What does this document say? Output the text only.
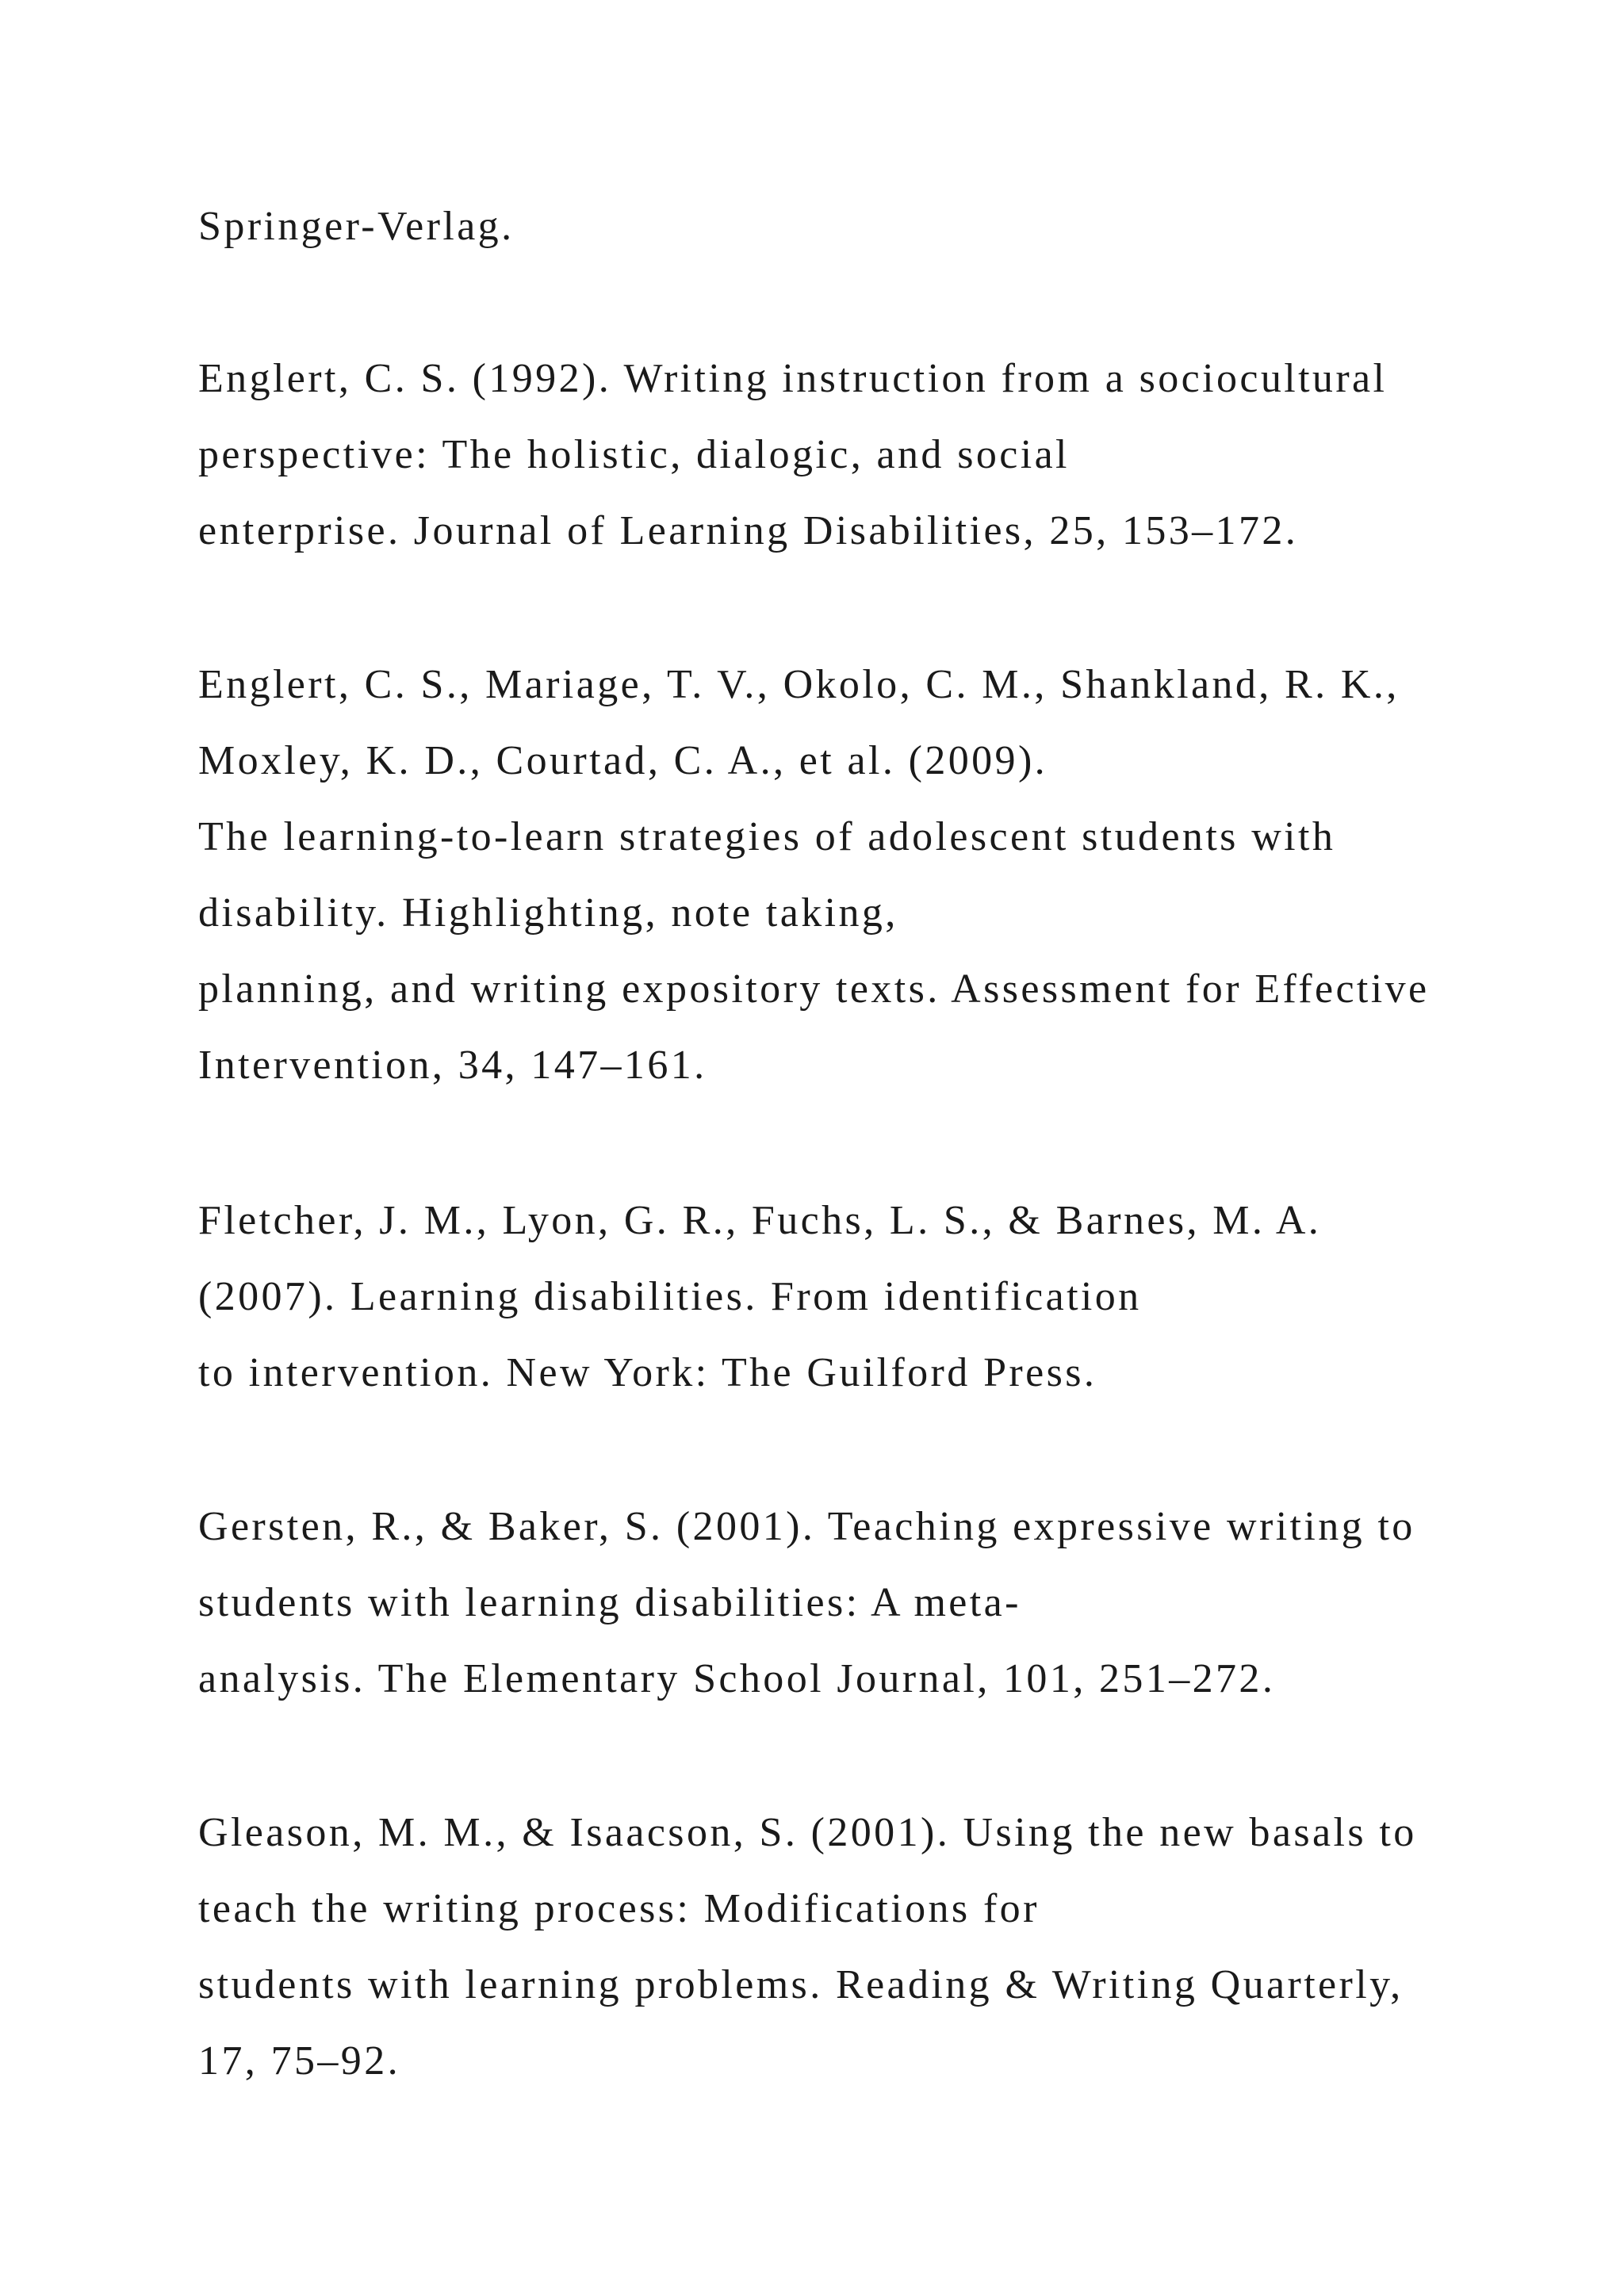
Springer-Verlag.
Englert, C. S. (1992). Writing instruction from a sociocultural
perspective: The holistic, dialogic, and social
enterprise. Journal of Learning Disabilities, 25, 153–172.
Englert, C. S., Mariage, T. V., Okolo, C. M., Shankland, R. K.,
Moxley, K. D., Courtad, C. A., et al. (2009).
The learning-to-learn strategies of adolescent students with
disability. Highlighting, note taking,
planning, and writing expository texts. Assessment for Effective
Intervention, 34, 147–161.
Fletcher, J. M., Lyon, G. R., Fuchs, L. S., & Barnes, M. A.
(2007). Learning disabilities. From identification
to intervention. New York: The Guilford Press.
Gersten, R., & Baker, S. (2001). Teaching expressive writing to
students with learning disabilities: A meta-
analysis. The Elementary School Journal, 101, 251–272.
Gleason, M. M., & Isaacson, S. (2001). Using the new basals to
teach the writing process: Modifications for
students with learning problems. Reading & Writing Quarterly,
17, 75–92.
